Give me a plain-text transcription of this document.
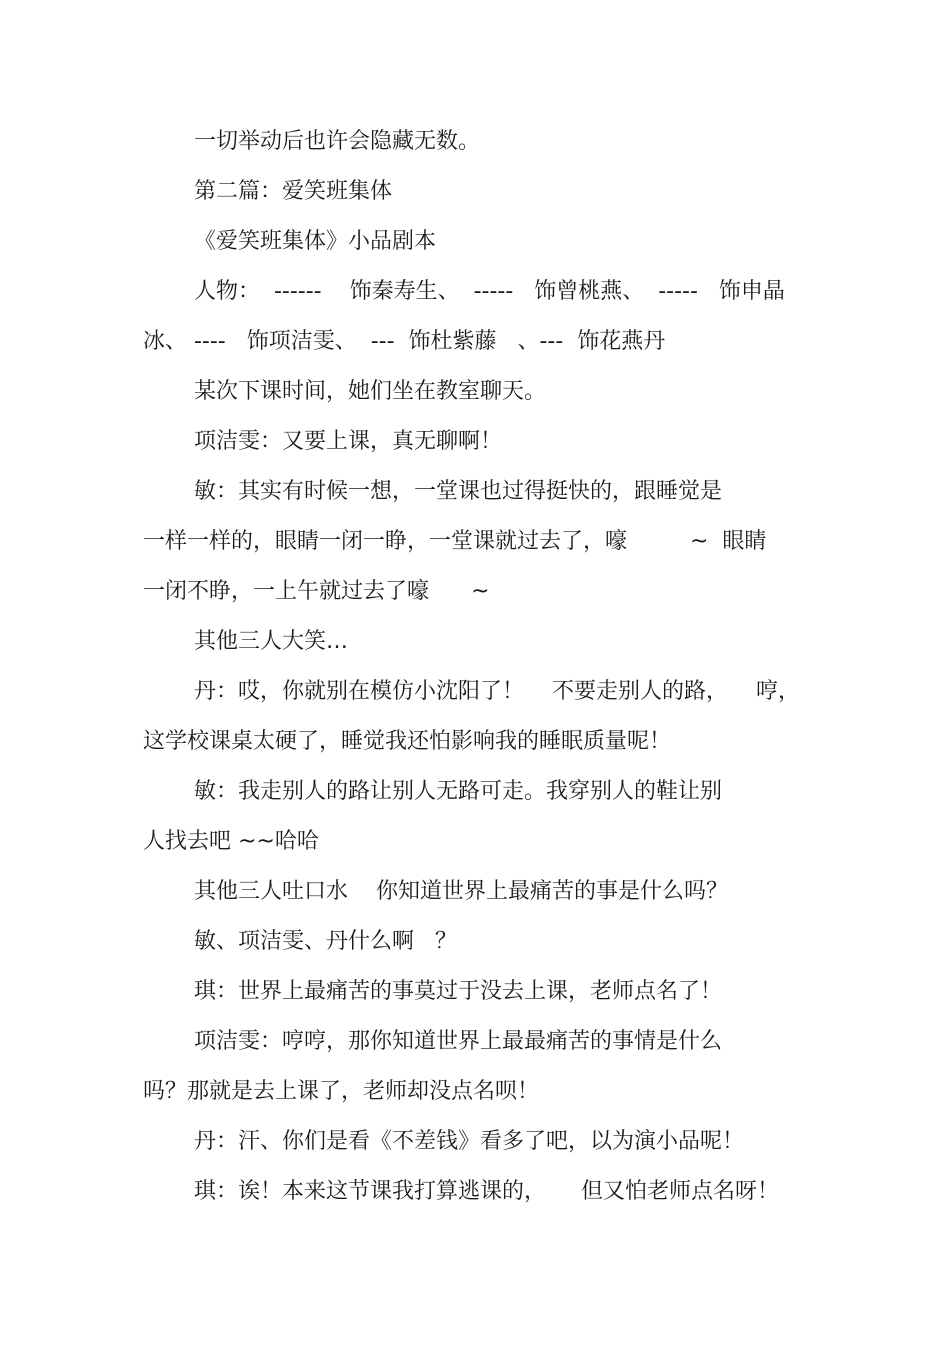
一切举动后也许会隐藏无数。
第二篇：爱笑班集体
《爱笑班集体》小品剧本
人物：  ------    饰秦寿生、  -----   饰曾桃燕、  -----   饰申晶
冰、 ----   饰项洁雯、  ---  饰杜紫藤   、---  饰花燕丹
某次下课时间，她们坐在教室聊天。
项洁雯：又要上课，真无聊啊！
敏：其实有时候一想，一堂课也过得挺快的，跟睡觉是
一样一样的，眼睛一闭一睁，一堂课就过去了，嚎         ~  眼睛
一闭不睁，一上午就过去了嚎      ~
其他三人大笑…
丹：哎，你就别在模仿小沈阳了！    不要走别人的路，    哼，
这学校课桌太硬了，睡觉我还怕影响我的睡眠质量呢！
敏：我走别人的路让别人无路可走。我穿别人的鞋让别
人找去吧 ~~哈哈
其他三人吐口水    你知道世界上最痛苦的事是什么吗？
敏、项洁雯、丹什么啊   ？
琪：世界上最痛苦的事莫过于没去上课，老师点名了！
项洁雯：哼哼，那你知道世界上最最痛苦的事情是什么
吗？那就是去上课了，老师却没点名呗！
丹：汗、你们是看《不差钱》看多了吧，以为演小品呢！
琪：诶！本来这节课我打算逃课的，     但又怕老师点名呀！
